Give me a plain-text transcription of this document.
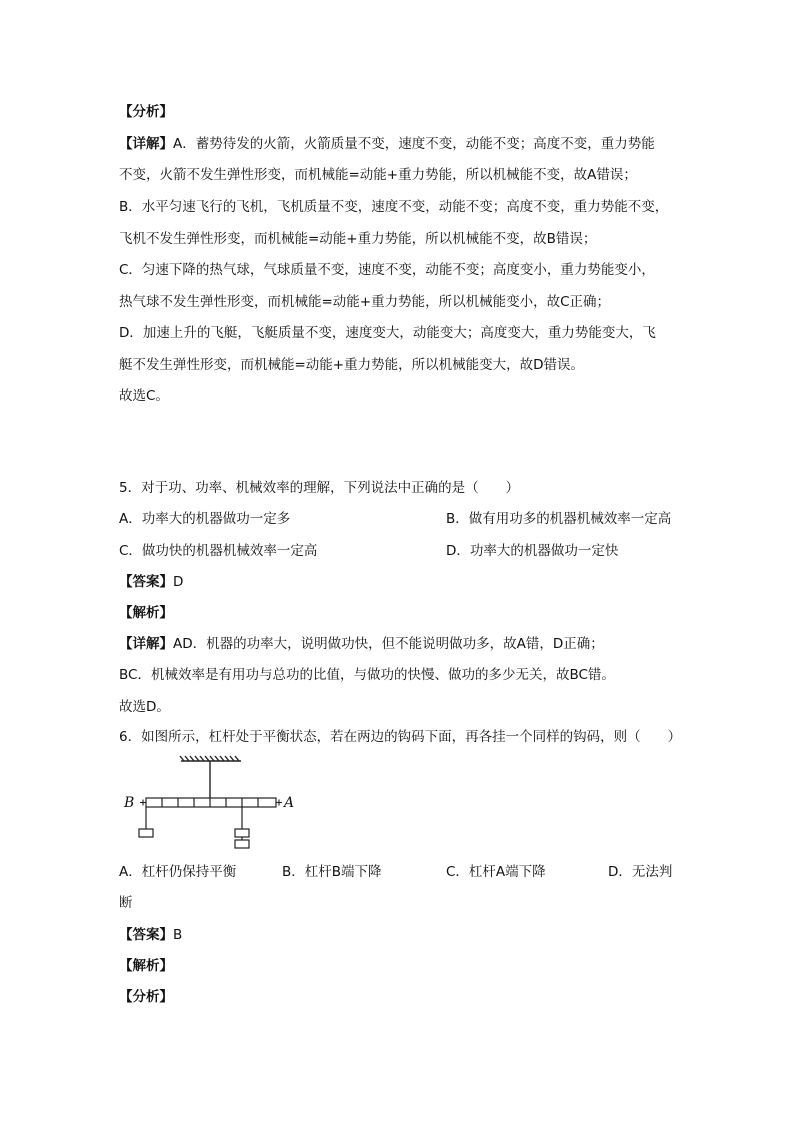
【分析】
【详解】A．蓄势待发的火箭，火箭质量不变，速度不变，动能不变；高度不变，重力势能
不变，火箭不发生弹性形变，而机械能=动能+重力势能，所以机械能不变，故A错误；
B．水平匀速飞行的飞机，飞机质量不变，速度不变，动能不变；高度不变，重力势能不变，
飞机不发生弹性形变，而机械能=动能+重力势能，所以机械能不变，故B错误；
C．匀速下降的热气球，气球质量不变，速度不变，动能不变；高度变小，重力势能变小，
热气球不发生弹性形变，而机械能=动能+重力势能，所以机械能变小，故C正确；
D．加速上升的飞艇，飞艇质量不变，速度变大，动能变大；高度变大，重力势能变大，飞
艇不发生弹性形变，而机械能=动能+重力势能，所以机械能变大，故D错误。
故选C。
5．对于功、功率、机械效率的理解，下列说法中正确的是（　　）
A．功率大的机器做功一定多	B．做有用功多的机器机械效率一定高
C．做功快的机器机械效率一定高	D．功率大的机器做功一定快
【答案】D
【解析】
【详解】AD．机器的功率大，说明做功快，但不能说明做功多，故A错，D正确；
BC．机械效率是有用功与总功的比值，与做功的快慢、做功的多少无关，故BC错。
故选D。
6．如图所示，杠杆处于平衡状态，若在两边的钩码下面，再各挂一个同样的钩码，则（　　）
B	A
A．杠杆仍保持平衡	B．杠杆B端下降	C．杠杆A端下降	D．无法判
断
【答案】B
【解析】
【分析】
